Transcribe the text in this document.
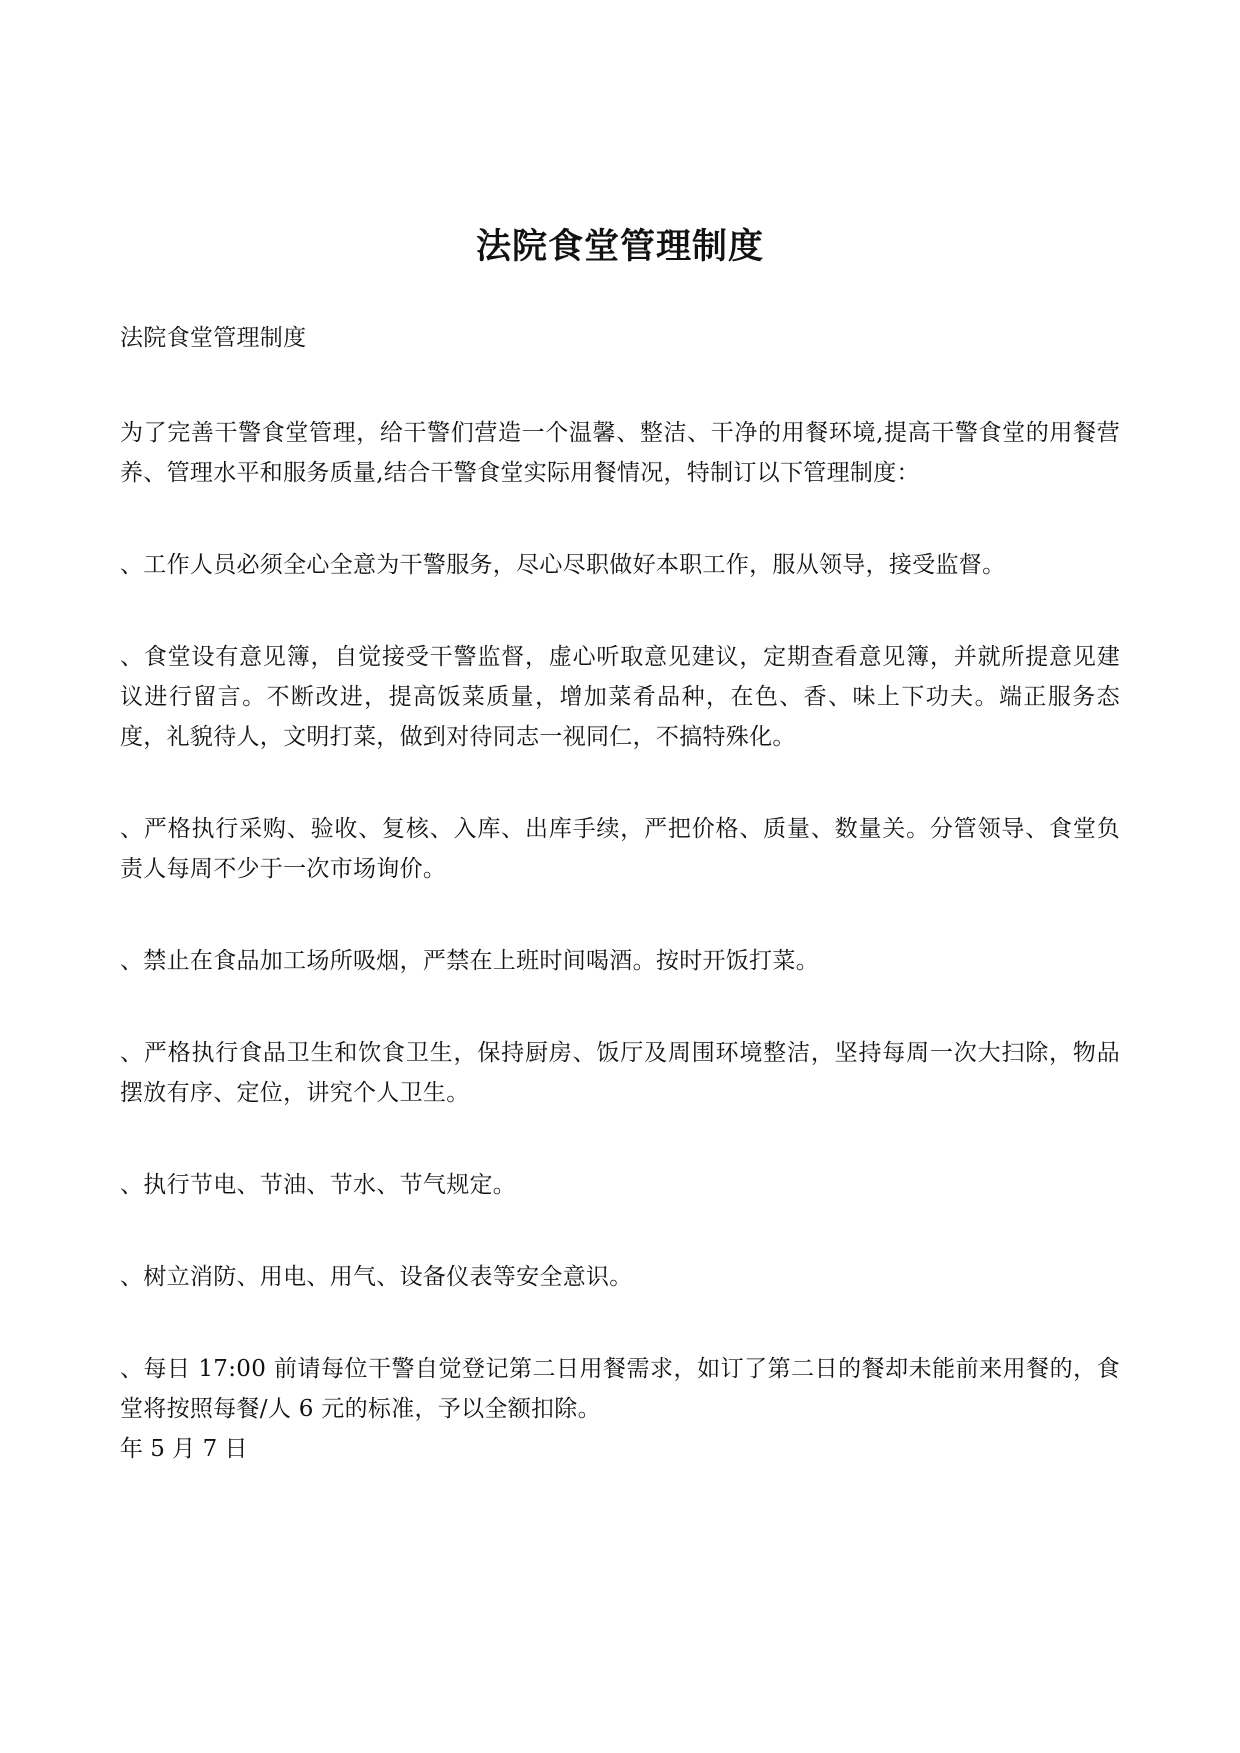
法院食堂管理制度

法院食堂管理制度

为了完善干警食堂管理，给干警们营造一个温馨、整洁、干净的用餐环境,提高干警食堂的用餐营养、管理水平和服务质量,结合干警食堂实际用餐情况，特制订以下管理制度：

、工作人员必须全心全意为干警服务，尽心尽职做好本职工作，服从领导，接受监督。

、食堂设有意见簿，自觉接受干警监督，虚心听取意见建议，定期查看意见簿，并就所提意见建议进行留言。不断改进，提高饭菜质量，增加菜肴品种，在色、香、味上下功夫。端正服务态度，礼貌待人，文明打菜，做到对待同志一视同仁，不搞特殊化。

、严格执行采购、验收、复核、入库、出库手续，严把价格、质量、数量关。分管领导、食堂负责人每周不少于一次市场询价。

、禁止在食品加工场所吸烟，严禁在上班时间喝酒。按时开饭打菜。

、严格执行食品卫生和饮食卫生，保持厨房、饭厅及周围环境整洁，坚持每周一次大扫除，物品摆放有序、定位，讲究个人卫生。

、执行节电、节油、节水、节气规定。

、树立消防、用电、用气、设备仪表等安全意识。

、每日 17:00 前请每位干警自觉登记第二日用餐需求，如订了第二日的餐却未能前来用餐的，食堂将按照每餐/人 6 元的标准，予以全额扣除。

年 5 月 7 日
